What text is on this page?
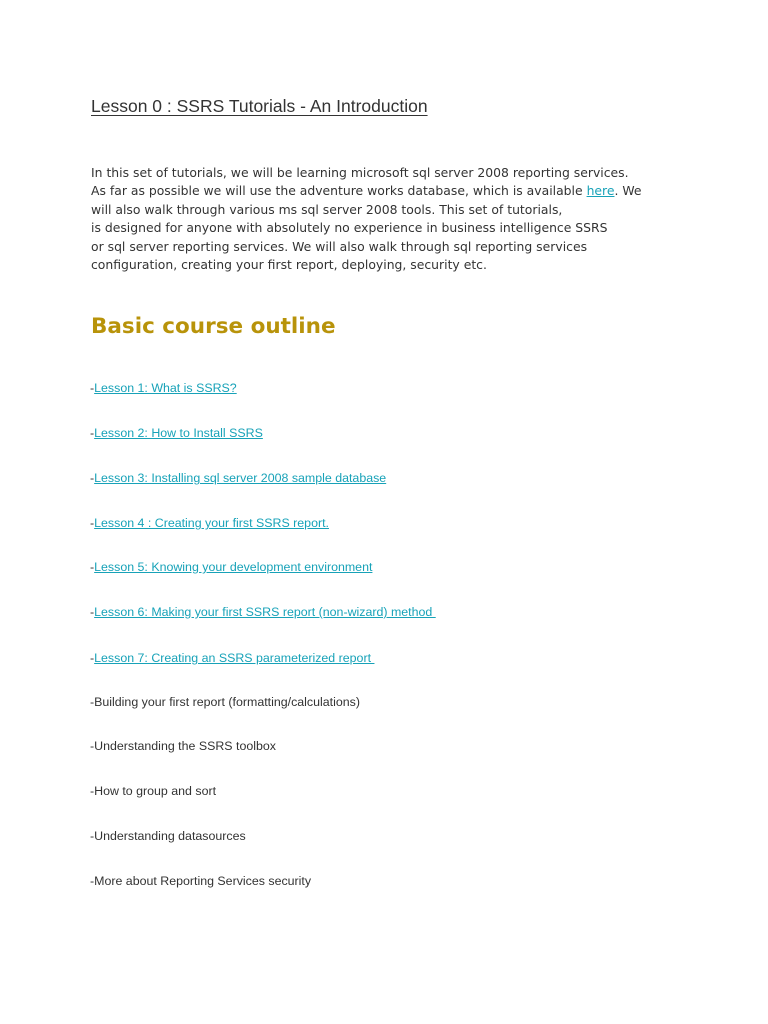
Lesson 0 : SSRS Tutorials - An Introduction

In this set of tutorials, we will be learning microsoft sql server 2008 reporting services.
As far as possible we will use the adventure works database, which is available here. We
will also walk through various ms sql server 2008 tools. This set of tutorials,
is designed for anyone with absolutely no experience in business intelligence SSRS
or sql server reporting services. We will also walk through sql reporting services
configuration, creating your first report, deploying, security etc.

Basic course outline
-Lesson 1: What is SSRS?
-Lesson 2: How to Install SSRS
-Lesson 3: Installing sql server 2008 sample database
-Lesson 4 : Creating your first SSRS report.
-Lesson 5: Knowing your development environment
-Lesson 6: Making your first SSRS report (non-wizard) method
-Lesson 7: Creating an SSRS parameterized report
-Building your first report (formatting/calculations)
-Understanding the SSRS toolbox
-How to group and sort
-Understanding datasources
-More about Reporting Services security
